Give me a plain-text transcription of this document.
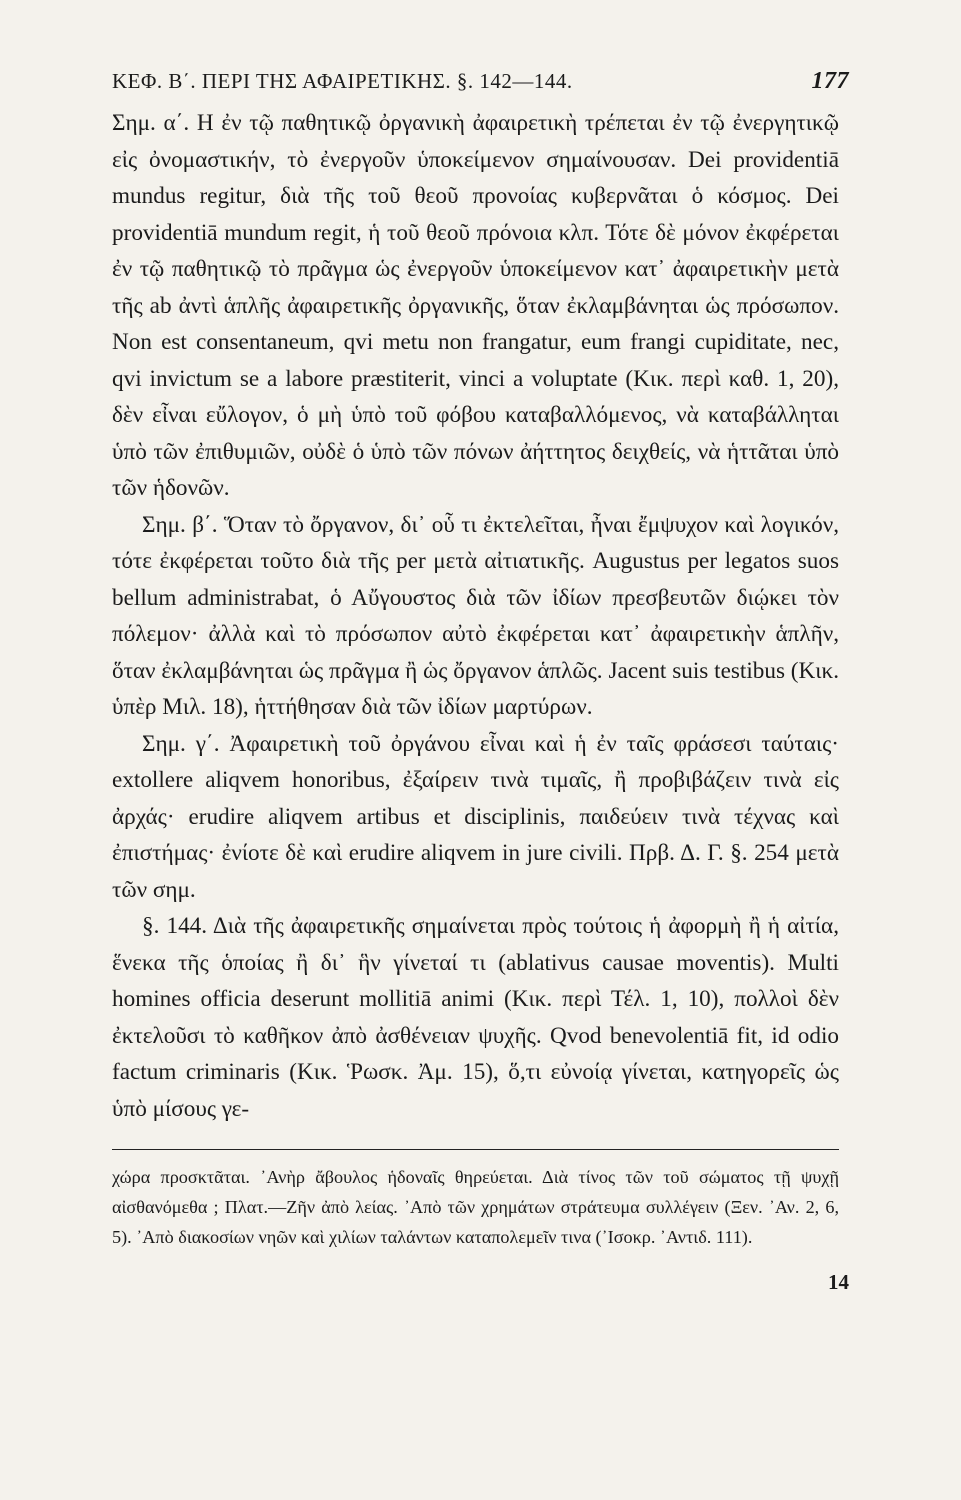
ΚΕΦ. Β΄. ΠΕΡΙ ΤΗΣ ΑΦΑΙΡΕΤΙΚΗΣ. §. 142—144.	177

Σημ. α΄. Η ἐν τῷ παθητικῷ ὀργανικὴ ἀφαιρετικὴ τρέπεται ἐν τῷ ἐνεργητικῷ εἰς ὀνομαστικήν, τὸ ἐνεργοῦν ὑποκείμενον σημαίνουσαν. Dei providentiā mundus regitur, διὰ τῆς τοῦ θεοῦ προνοίας κυβερνᾶται ὁ κόσμος. Dei providentiā mundum regit, ἡ τοῦ θεοῦ πρόνοια κλπ. Τότε δὲ μόνον ἐκφέρεται ἐν τῷ παθητικῷ τὸ πρᾶγμα ὡς ἐνεργοῦν ὑποκείμενον κατ᾽ ἀφαιρετικὴν μετὰ τῆς ab ἀντὶ ἁπλῆς ἀφαιρετικῆς ὀργανικῆς, ὅταν ἐκλαμβάνηται ὡς πρόσωπον. Non est consentaneum, qvi metu non frangatur, eum frangi cupiditate, nec, qvi invictum se a labore præstiterit, vinci a voluptate (Κικ. περὶ καθ. 1, 20), δὲν εἶναι εὔλογον, ὁ μὴ ὑπὸ τοῦ φόβου καταβαλλόμενος, νὰ καταβάλληται ὑπὸ τῶν ἐπιθυμιῶν, οὐδὲ ὁ ὑπὸ τῶν πόνων ἀήττητος δειχθείς, νὰ ἡττᾶται ὑπὸ τῶν ἡδονῶν.

Σημ. β΄. Ὅταν τὸ ὄργανον, δι᾽ οὗ τι ἐκτελεῖται, ἦναι ἔμψυχον καὶ λογικόν, τότε ἐκφέρεται τοῦτο διὰ τῆς per μετὰ αἰτιατικῆς. Augustus per legatos suos bellum administrabat, ὁ Αὔγουστος διὰ τῶν ἰδίων πρεσβευτῶν διῴκει τὸν πόλεμον· ἀλλὰ καὶ τὸ πρόσωπον αὐτὸ ἐκφέρεται κατ᾽ ἀφαιρετικὴν ἁπλῆν, ὅταν ἐκλαμβάνηται ὡς πρᾶγμα ἢ ὡς ὄργανον ἁπλῶς. Jacent suis testibus (Κικ. ὑπὲρ Μιλ. 18), ἡττήθησαν διὰ τῶν ἰδίων μαρτύρων.

Σημ. γ΄. Ἀφαιρετικὴ τοῦ ὀργάνου εἶναι καὶ ἡ ἐν ταῖς φράσεσι ταύταις· extollere aliqvem honoribus, ἐξαίρειν τινὰ τιμαῖς, ἢ προβιβάζειν τινὰ εἰς ἀρχάς· erudire aliqvem artibus et disciplinis, παιδεύειν τινὰ τέχνας καὶ ἐπιστήμας· ἐνίοτε δὲ καὶ erudire aliqvem in jure civili. Πρβ. Δ. Γ. §. 254 μετὰ τῶν σημ.

§. 144. Διὰ τῆς ἀφαιρετικῆς σημαίνεται πρὸς τούτοις ἡ ἀφορμὴ ἢ ἡ αἰτία, ἕνεκα τῆς ὁποίας ἢ δι᾽ ἣν γίνεταί τι (ablativus causae moventis). Multi homines officia deserunt mollitiā animi (Κικ. περὶ Τέλ. 1, 10), πολλοὶ δὲν ἐκτελοῦσι τὸ καθῆκον ἀπὸ ἀσθένειαν ψυχῆς. Qvod benevolentiā fit, id odio factum criminaris (Κικ. Ῥωσκ. Ἀμ. 15), ὅ,τι εὐνοίᾳ γίνεται, κατηγορεῖς ὡς ὑπὸ μίσους γε-

χώρα προσκτᾶται. ᾿Ανὴρ ἄβουλος ἡδοναῖς θηρεύεται. Διὰ τίνος τῶν τοῦ σώματος τῇ ψυχῇ αἰσθανόμεθα ; Πλατ.—Ζῆν ἀπὸ λείας. ᾿Απὸ τῶν χρημάτων στράτευμα συλλέγειν (Ξεν. ᾿Αν. 2, 6, 5). ᾿Απὸ διακοσίων νηῶν καὶ χιλίων ταλάντων καταπολεμεῖν τινα (᾿Ισοκρ. ᾿Αντιδ. 111).

14
